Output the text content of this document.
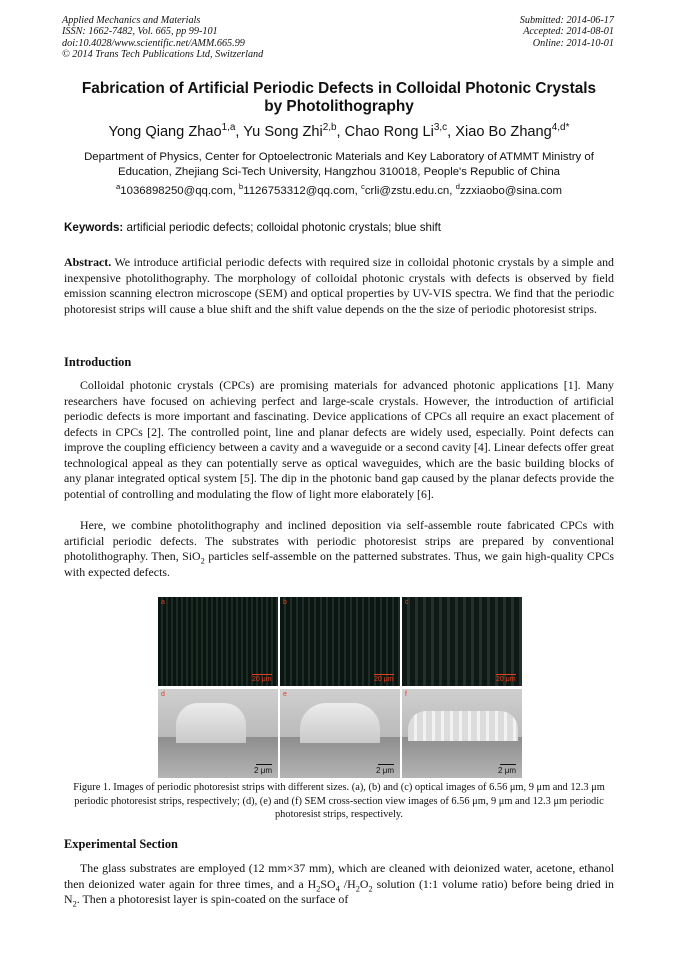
Applied Mechanics and Materials
ISSN: 1662-7482, Vol. 665, pp 99-101
doi:10.4028/www.scientific.net/AMM.665.99
© 2014 Trans Tech Publications Ltd, Switzerland
Submitted: 2014-06-17
Accepted: 2014-08-01
Online: 2014-10-01
Fabrication of Artificial Periodic Defects in Colloidal Photonic Crystals
by Photolithography
Yong Qiang Zhao$^{1,a}$, Yu Song Zhi$^{2,b}$, Chao Rong Li$^{3,c}$, Xiao Bo Zhang$^{4,d*}$
Department of Physics, Center for Optoelectronic Materials and Key Laboratory of ATMMT Ministry of Education, Zhejiang Sci-Tech University, Hangzhou 310018, People's Republic of China
$^a$1036898250@qq.com, $^b$1126753312@qq.com, $^c$crli@zstu.edu.cn, $^d$zzxiaobo@sina.com
Keywords: artificial periodic defects; colloidal photonic crystals; blue shift
Abstract. We introduce artificial periodic defects with required size in colloidal photonic crystals by a simple and inexpensive photolithography. The morphology of colloidal photonic crystals with defects is observed by field emission scanning electron microscope (SEM) and optical properties by UV-VIS spectra. We find that the periodic photoresist strips will cause a blue shift and the shift value depends on the the size of periodic photoresist strips.
Introduction
Colloidal photonic crystals (CPCs) are promising materials for advanced photonic applications [1]. Many researchers have focused on achieving perfect and large-scale crystals. However, the introduction of artificial periodic defects is more important and fascinating. Device applications of CPCs all require an exact placement of defects in CPCs [2]. The controlled point, line and planar defects are widely used, especially. Point defects can improve the coupling efficiency between a cavity and a waveguide or a second cavity [4]. Linear defects offer great technological appeal as they can potentially serve as optical waveguides, which are the basic building blocks of any planar integrated optical system [5]. The dip in the photonic band gap caused by the planar defects provide the potential of controlling and modulating the flow of light more elaborately [6].
Here, we combine photolithography and inclined deposition via self-assemble route fabricated CPCs with artificial periodic defects. The substrates with periodic photoresist strips are prepared by conventional photolithography. Then, SiO$_2$ particles self-assemble on the patterned substrates. Thus, we gain high-quality CPCs with expected defects.
a
20 μm
b
20 μm
c
20 μm
d
2 μm
e
2 μm
f
2 μm
Figure 1. Images of periodic photoresist strips with different sizes. (a), (b) and (c) optical images of 6.56 μm, 9 μm and 12.3 μm periodic photoresist strips, respectively; (d), (e) and (f) SEM cross-section view images of 6.56 μm, 9 μm and 12.3 μm periodic photoresist strips, respectively.
Experimental Section
The glass substrates are employed (12 mm×37 mm), which are cleaned with deionized water, acetone, ethanol then deionized water again for three times, and a $H_2SO_4$ $/H_2O_2$ solution (1:1 volume ratio) before being dried in $N_2$. Then a photoresist layer is spin-coated on the surface of
